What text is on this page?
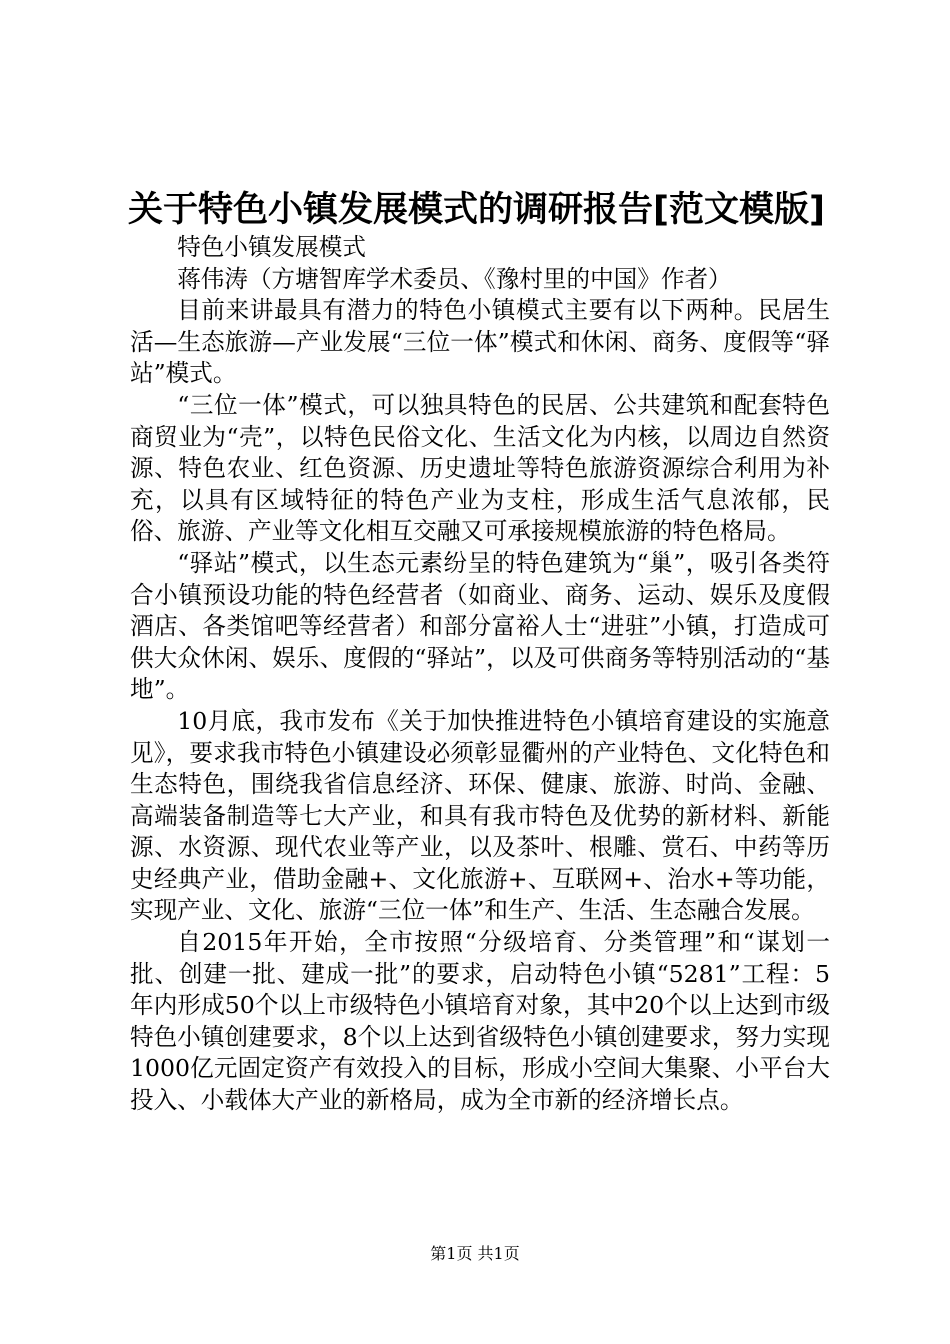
关于特色小镇发展模式的调研报告[范文模版]

特色小镇发展模式

蒋伟涛（方塘智库学术委员、《豫村里的中国》作者）

目前来讲最具有潜力的特色小镇模式主要有以下两种。民居生活—生态旅游—产业发展“三位一体”模式和休闲、商务、度假等“驿站”模式。

“三位一体”模式，可以独具特色的民居、公共建筑和配套特色商贸业为“壳”，以特色民俗文化、生活文化为内核，以周边自然资源、特色农业、红色资源、历史遗址等特色旅游资源综合利用为补充，以具有区域特征的特色产业为支柱，形成生活气息浓郁，民俗、旅游、产业等文化相互交融又可承接规模旅游的特色格局。

“驿站”模式，以生态元素纷呈的特色建筑为“巢”，吸引各类符合小镇预设功能的特色经营者（如商业、商务、运动、娱乐及度假酒店、各类馆吧等经营者）和部分富裕人士“进驻”小镇，打造成可供大众休闲、娱乐、度假的“驿站”，以及可供商务等特别活动的“基地”。

10月底，我市发布《关于加快推进特色小镇培育建设的实施意见》，要求我市特色小镇建设必须彰显衢州的产业特色、文化特色和生态特色，围绕我省信息经济、环保、健康、旅游、时尚、金融、高端装备制造等七大产业，和具有我市特色及优势的新材料、新能源、水资源、现代农业等产业，以及茶叶、根雕、赏石、中药等历史经典产业，借助金融+、文化旅游+、互联网+、治水+等功能，实现产业、文化、旅游“三位一体”和生产、生活、生态融合发展。

自2015年开始，全市按照“分级培育、分类管理”和“谋划一批、创建一批、建成一批”的要求，启动特色小镇“5281”工程：5年内形成50个以上市级特色小镇培育对象，其中20个以上达到市级特色小镇创建要求，8个以上达到省级特色小镇创建要求，努力实现1000亿元固定资产有效投入的目标，形成小空间大集聚、小平台大投入、小载体大产业的新格局，成为全市新的经济增长点。

第1页 共1页
